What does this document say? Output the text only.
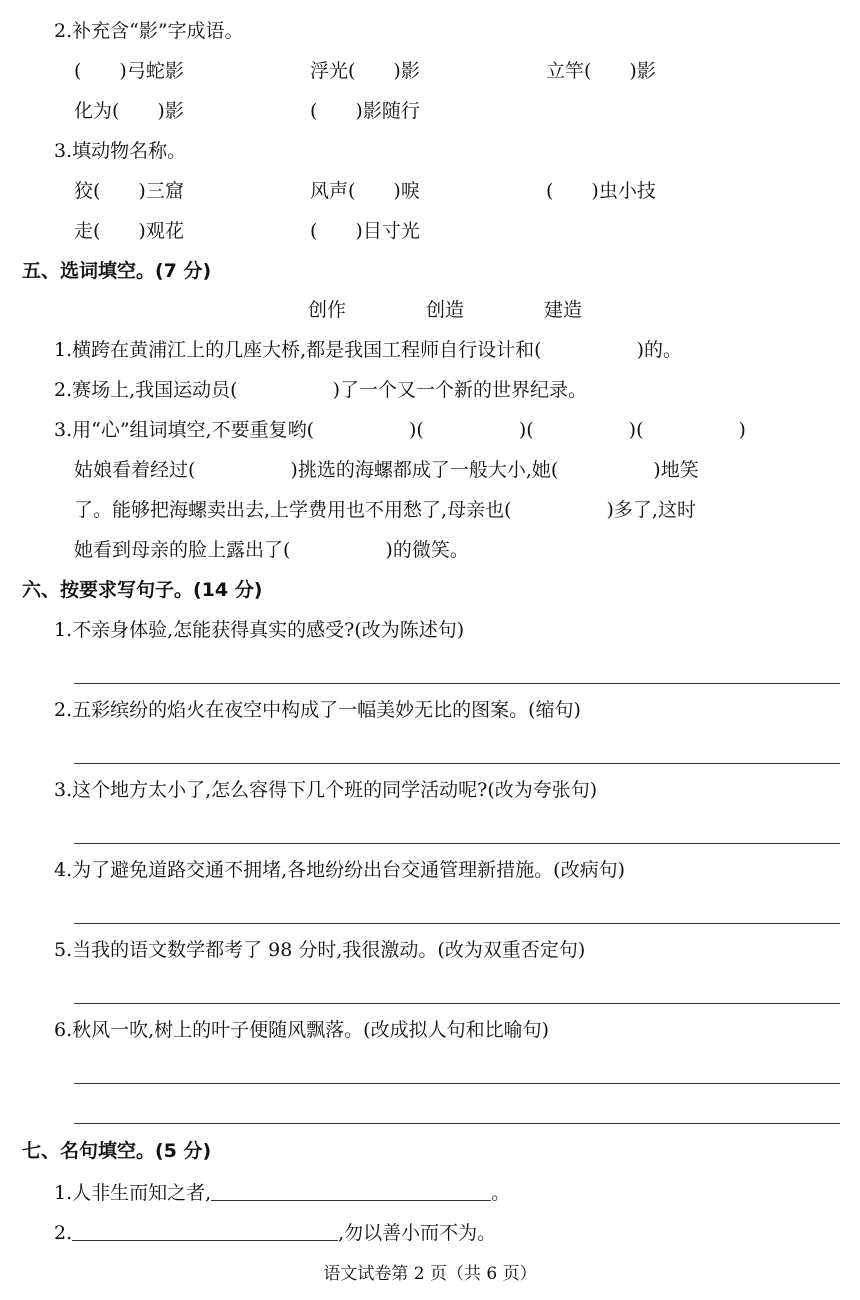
2.补充含“影”字成语。
(　　)弓蛇影	浮光(　　)影	立竿(　　)影
化为(　　)影	(　　)影随行
3.填动物名称。
狡(　　)三窟	风声(　　)唳	(　　)虫小技
走(　　)观花	(　　)目寸光
五、选词填空。(7 分)
创作	创造	建造
1.横跨在黄浦江上的几座大桥,都是我国工程师自行设计和(　　　　　)的。
2.赛场上,我国运动员(　　　　　)了一个又一个新的世界纪录。
3.用“心”组词填空,不要重复哟(　　　　　)(　　　　　)(　　　　　)(　　　　　)
姑娘看着经过(　　　　　)挑选的海螺都成了一般大小,她(　　　　　)地笑
了。能够把海螺卖出去,上学费用也不用愁了,母亲也(　　　　　)多了,这时
她看到母亲的脸上露出了(　　　　　)的微笑。
六、按要求写句子。(14 分)
1.不亲身体验,怎能获得真实的感受?(改为陈述句)
2.五彩缤纷的焰火在夜空中构成了一幅美妙无比的图案。(缩句)
3.这个地方太小了,怎么容得下几个班的同学活动呢?(改为夸张句)
4.为了避免道路交通不拥堵,各地纷纷出台交通管理新措施。(改病句)
5.当我的语文数学都考了 98 分时,我很激动。(改为双重否定句)
6.秋风一吹,树上的叶子便随风飘落。(改成拟人句和比喻句)
七、名句填空。(5 分)
1.人非生而知之者,	。
2.	,勿以善小而不为。
语文试卷第 2 页（共 6 页）
